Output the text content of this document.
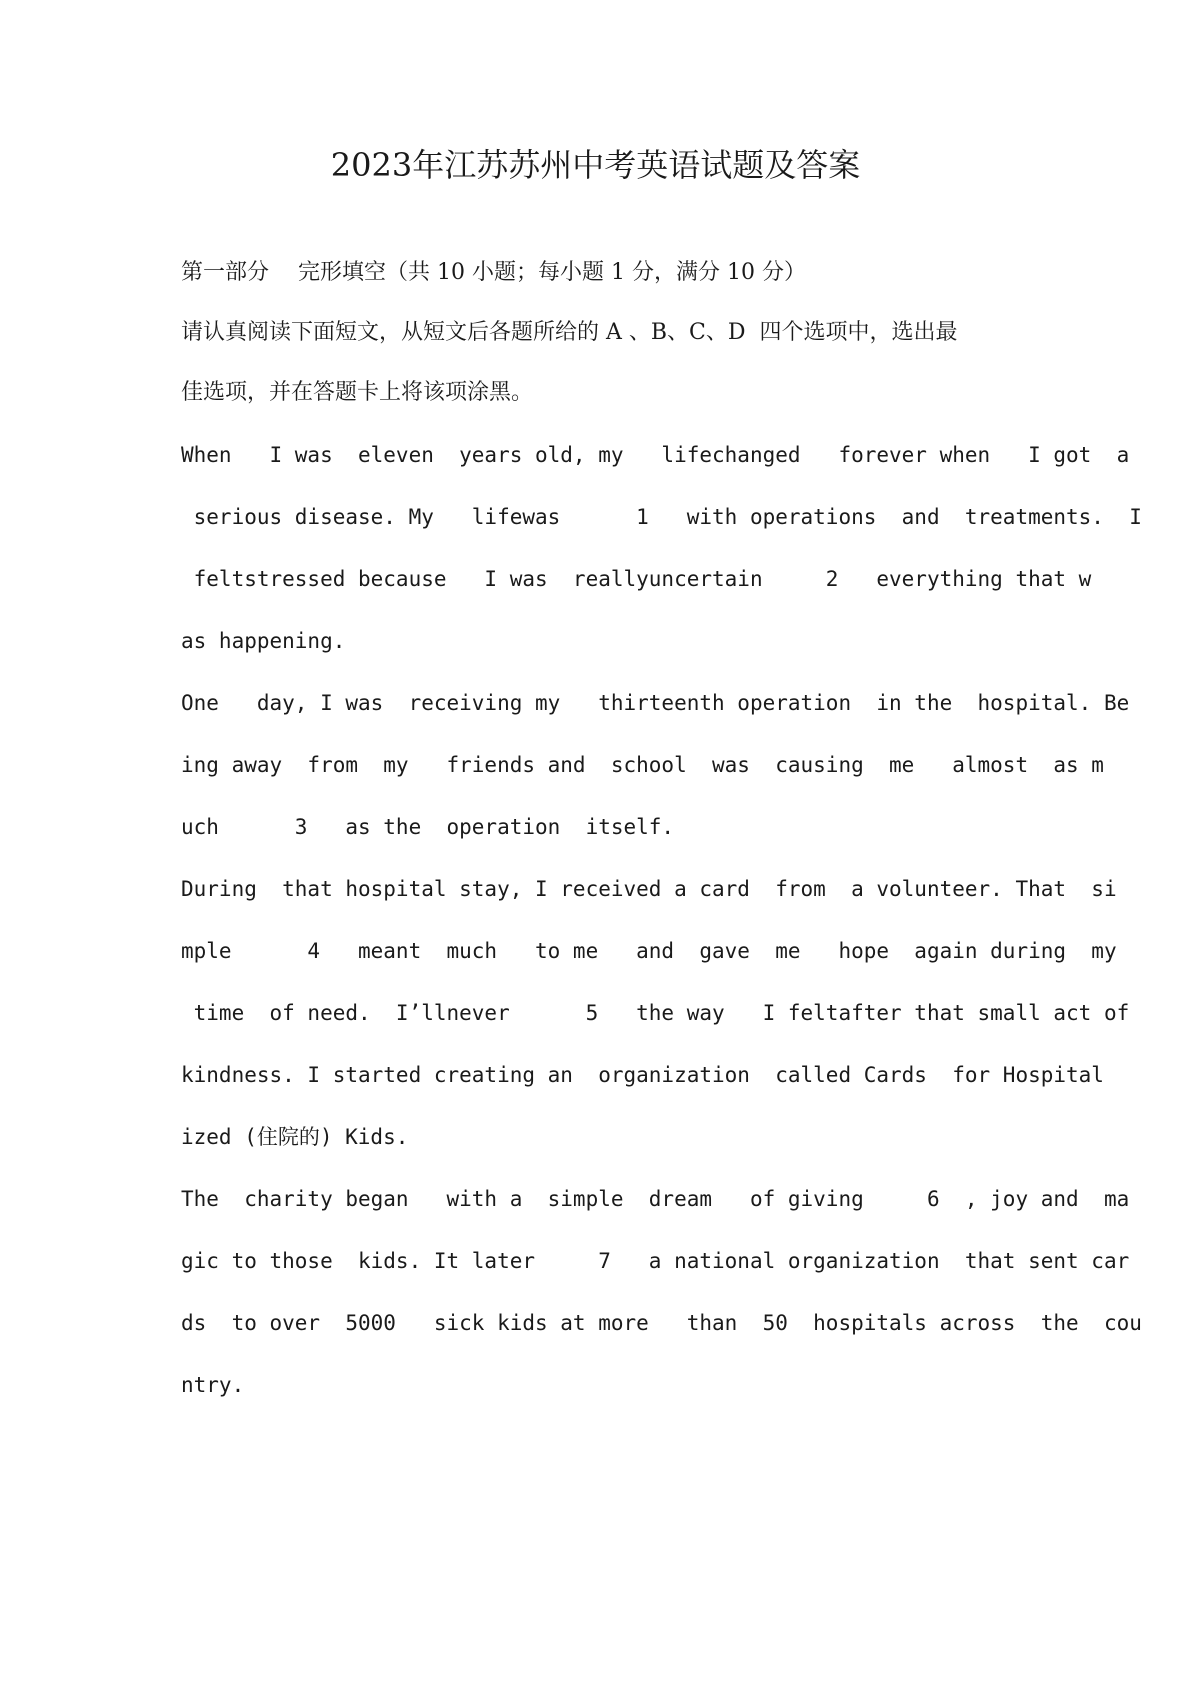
2023年江苏苏州中考英语试题及答案

第一部分　 完形填空（共 10 小题；每小题 1 分，满分 10 分）

请认真阅读下面短文，从短文后各题所给的 A 、B、C、D  四个选项中，选出最

佳选项，并在答题卡上将该项涂黑。

When   I was  eleven  years old, my   lifechanged   forever when   I got  a

serious disease. My   lifewas      1   with operations  and  treatments.  I

feltstressed because   I was  reallyuncertain     2   everything that w

as happening.

One   day, I was  receiving my   thirteenth operation  in the  hospital. Be

ing away  from  my   friends and  school  was  causing  me   almost  as m

uch      3   as the  operation  itself.

During  that hospital stay, I received a card  from  a volunteer. That  si

mple      4   meant  much   to me   and  gave  me   hope  again during  my

time  of need.  I’llnever      5   the way   I feltafter that small act of

kindness. I started creating an  organization  called Cards  for Hospital

ized (住院的) Kids.

The  charity began   with a  simple  dream   of giving     6  , joy and  ma

gic to those  kids. It later     7   a national organization  that sent car

ds  to over  5000   sick kids at more   than  50  hospitals across  the  cou

ntry.
